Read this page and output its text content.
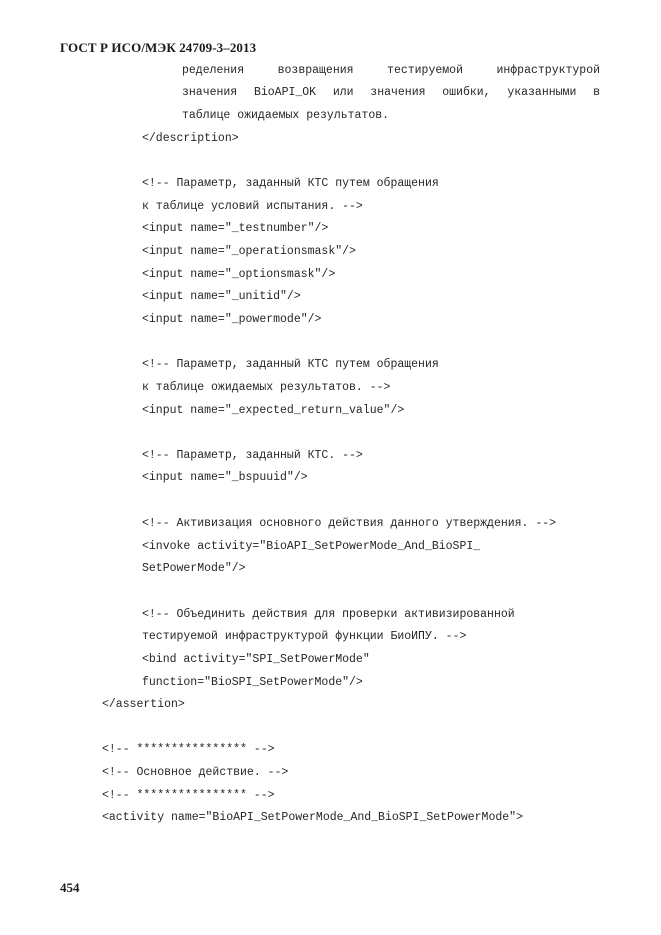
ГОСТ Р ИСО/МЭК 24709-3–2013

ределения возвращения тестируемой инфраструктурой

значения BioAPI_OK или значения ошибки, указанными в

таблице ожидаемых результатов.

</description>

<!-- Параметр, заданный КТС путем обращения

к таблице условий испытания. -->

<input name="_testnumber"/>

<input name="_operationsmask"/>

<input name="_optionsmask"/>

<input name="_unitid"/>

<input name="_powermode"/>

<!-- Параметр, заданный КТС путем обращения

к таблице ожидаемых результатов. -->

<input name="_expected_return_value"/>

<!-- Параметр, заданный КТС. -->

<input name="_bspuuid"/>

<!-- Активизация основного действия данного утверждения. -->

<invoke activity="BioAPI_SetPowerMode_And_BioSPI_

SetPowerMode"/>

<!-- Объединить действия для проверки активизированной

тестируемой инфраструктурой функции БиоИПУ. -->

<bind activity="SPI_SetPowerMode"

function="BioSPI_SetPowerMode"/>

</assertion>

<!-- **************** -->

<!-- Основное действие. -->

<!-- **************** -->

<activity name="BioAPI_SetPowerMode_And_BioSPI_SetPowerMode">

454
